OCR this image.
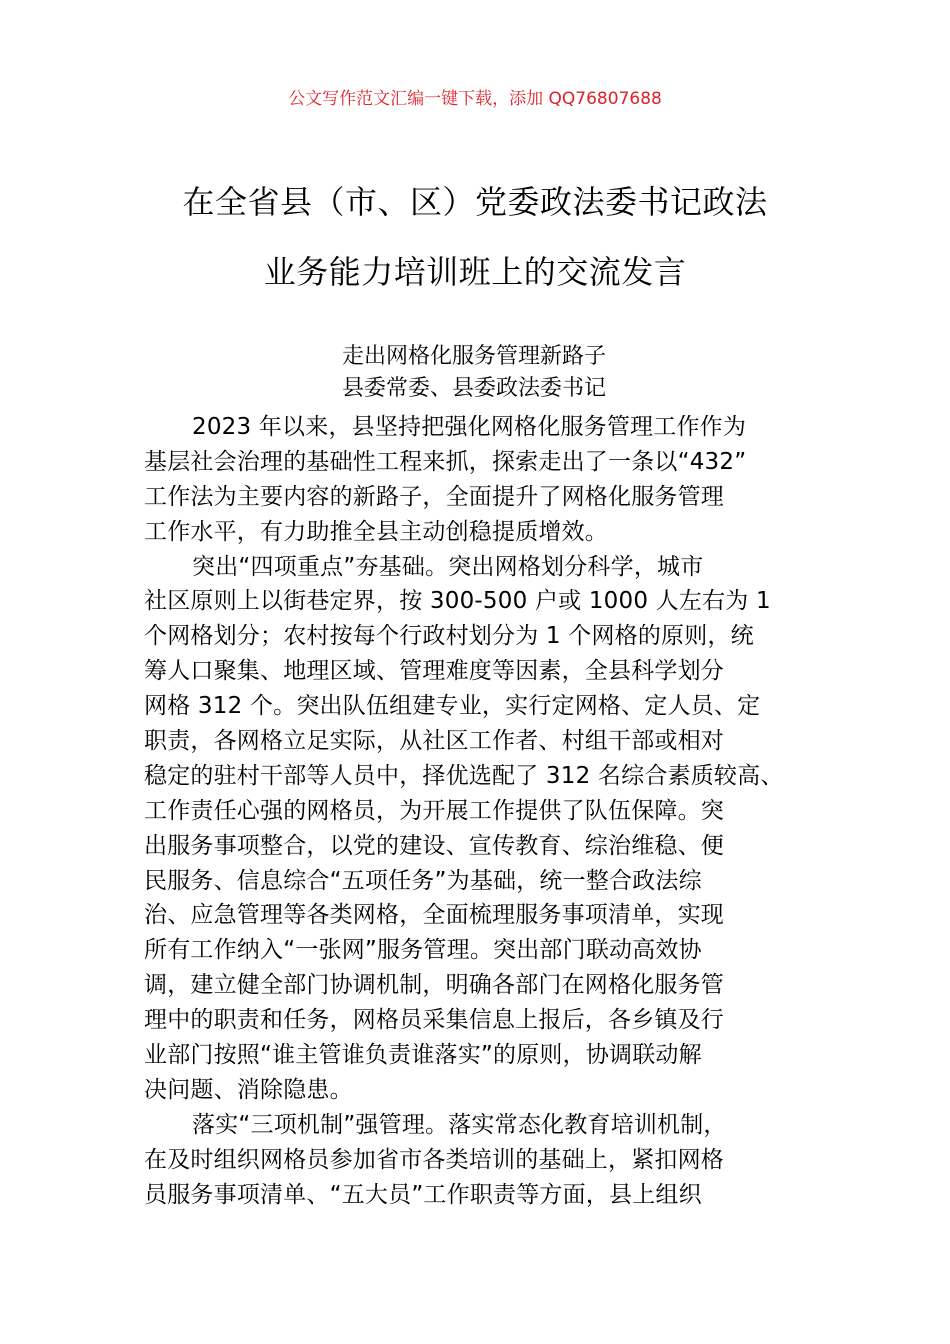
公文写作范文汇编一键下载，添加 QQ76807688
在全省县（市、区）党委政法委书记政法
业务能力培训班上的交流发言
走出网格化服务管理新路子
县委常委、县委政法委书记
2023 年以来，县坚持把强化网格化服务管理工作作为
基层社会治理的基础性工程来抓，探索走出了一条以“432”
工作法为主要内容的新路子，全面提升了网格化服务管理
工作水平，有力助推全县主动创稳提质增效。
突出“四项重点”夯基础。突出网格划分科学，城市
社区原则上以街巷定界，按 300-500 户或 1000 人左右为 1
个网格划分；农村按每个行政村划分为 1 个网格的原则，统
筹人口聚集、地理区域、管理难度等因素，全县科学划分
网格 312 个。突出队伍组建专业，实行定网格、定人员、定
职责，各网格立足实际，从社区工作者、村组干部或相对
稳定的驻村干部等人员中，择优选配了 312 名综合素质较高、
工作责任心强的网格员，为开展工作提供了队伍保障。突
出服务事项整合，以党的建设、宣传教育、综治维稳、便
民服务、信息综合“五项任务”为基础，统一整合政法综
治、应急管理等各类网格，全面梳理服务事项清单，实现
所有工作纳入“一张网”服务管理。突出部门联动高效协
调，建立健全部门协调机制，明确各部门在网格化服务管
理中的职责和任务，网格员采集信息上报后，各乡镇及行
业部门按照“谁主管谁负责谁落实”的原则，协调联动解
决问题、消除隐患。
落实“三项机制”强管理。落实常态化教育培训机制，
在及时组织网格员参加省市各类培训的基础上，紧扣网格
员服务事项清单、“五大员”工作职责等方面，县上组织
